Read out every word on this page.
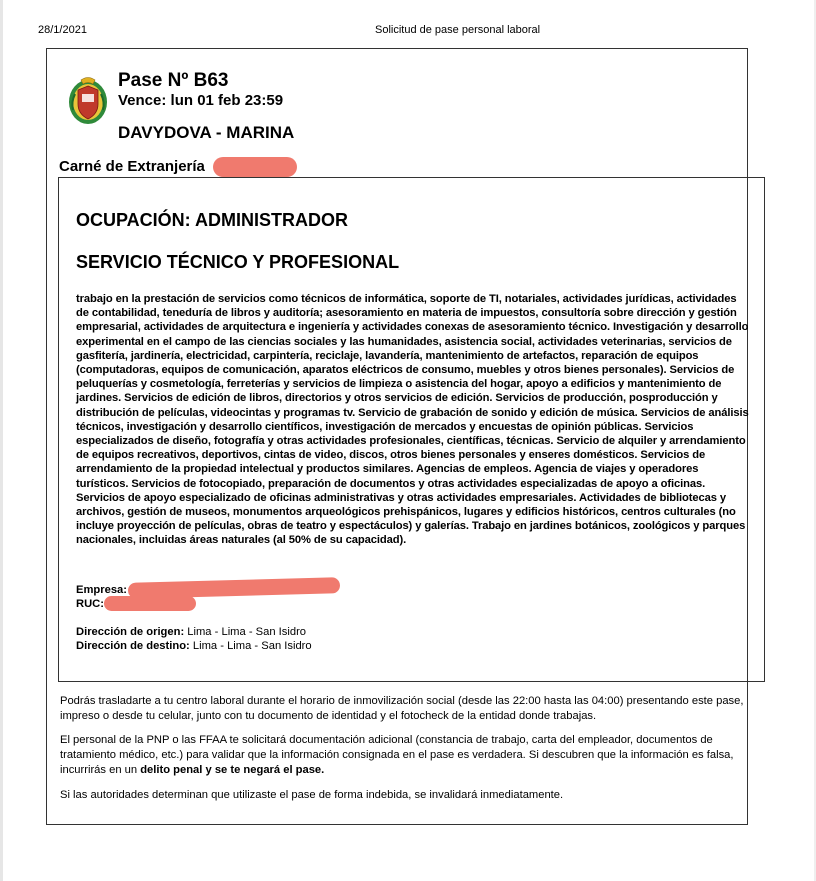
28/1/2021	Solicitud de pase personal laboral
Pase Nº B63
Vence: lun 01 feb 23:59
DAVYDOVA - MARINA
Carné de Extranjería
OCUPACIÓN: ADMINISTRADOR
SERVICIO TÉCNICO Y PROFESIONAL
trabajo en la prestación de servicios como técnicos de informática, soporte de TI, notariales, actividades jurídicas, actividades de contabilidad, teneduría de libros y auditoría; asesoramiento en materia de impuestos, consultoría sobre dirección y gestión empresarial, actividades de arquitectura e ingeniería y actividades conexas de asesoramiento técnico. Investigación y desarrollo experimental en el campo de las ciencias sociales y las humanidades, asistencia social, actividades veterinarias, servicios de gasfitería, jardinería, electricidad, carpintería, reciclaje, lavandería, mantenimiento de artefactos, reparación de equipos (computadoras, equipos de comunicación, aparatos eléctricos de consumo, muebles y otros bienes personales). Servicios de peluquerías y cosmetología, ferreterías y servicios de limpieza o asistencia del hogar, apoyo a edificios y mantenimiento de jardines. Servicios de edición de libros, directorios y otros servicios de edición. Servicios de producción, posproducción y distribución de películas, videocintas y programas tv. Servicio de grabación de sonido y edición de música. Servicios de análisis técnicos, investigación y desarrollo científicos, investigación de mercados y encuestas de opinión públicas. Servicios especializados de diseño, fotografía y otras actividades profesionales, científicas, técnicas. Servicio de alquiler y arrendamiento de equipos recreativos, deportivos, cintas de video, discos, otros bienes personales y enseres domésticos. Servicios de arrendamiento de la propiedad intelectual y productos similares. Agencias de empleos. Agencia de viajes y operadores turísticos. Servicios de fotocopiado, preparación de documentos y otras actividades especializadas de apoyo a oficinas. Servicios de apoyo especializado de oficinas administrativas y otras actividades empresariales. Actividades de bibliotecas y archivos, gestión de museos, monumentos arqueológicos prehispánicos, lugares y edificios históricos, centros culturales (no incluye proyección de películas, obras de teatro y espectáculos) y galerías. Trabajo en jardines botánicos, zoológicos y parques nacionales, incluidas áreas naturales (al 50% de su capacidad).
Empresa:
RUC:
Dirección de origen: Lima - Lima - San Isidro
Dirección de destino: Lima - Lima - San Isidro
Podrás trasladarte a tu centro laboral durante el horario de inmovilización social (desde las 22:00 hasta las 04:00) presentando este pase, impreso o desde tu celular, junto con tu documento de identidad y el fotocheck de la entidad donde trabajas.
El personal de la PNP o las FFAA te solicitará documentación adicional (constancia de trabajo, carta del empleador, documentos de tratamiento médico, etc.) para validar que la información consignada en el pase es verdadera. Si descubren que la información es falsa, incurrirás en un delito penal y se te negará el pase.
Si las autoridades determinan que utilizaste el pase de forma indebida, se invalidará inmediatamente.
